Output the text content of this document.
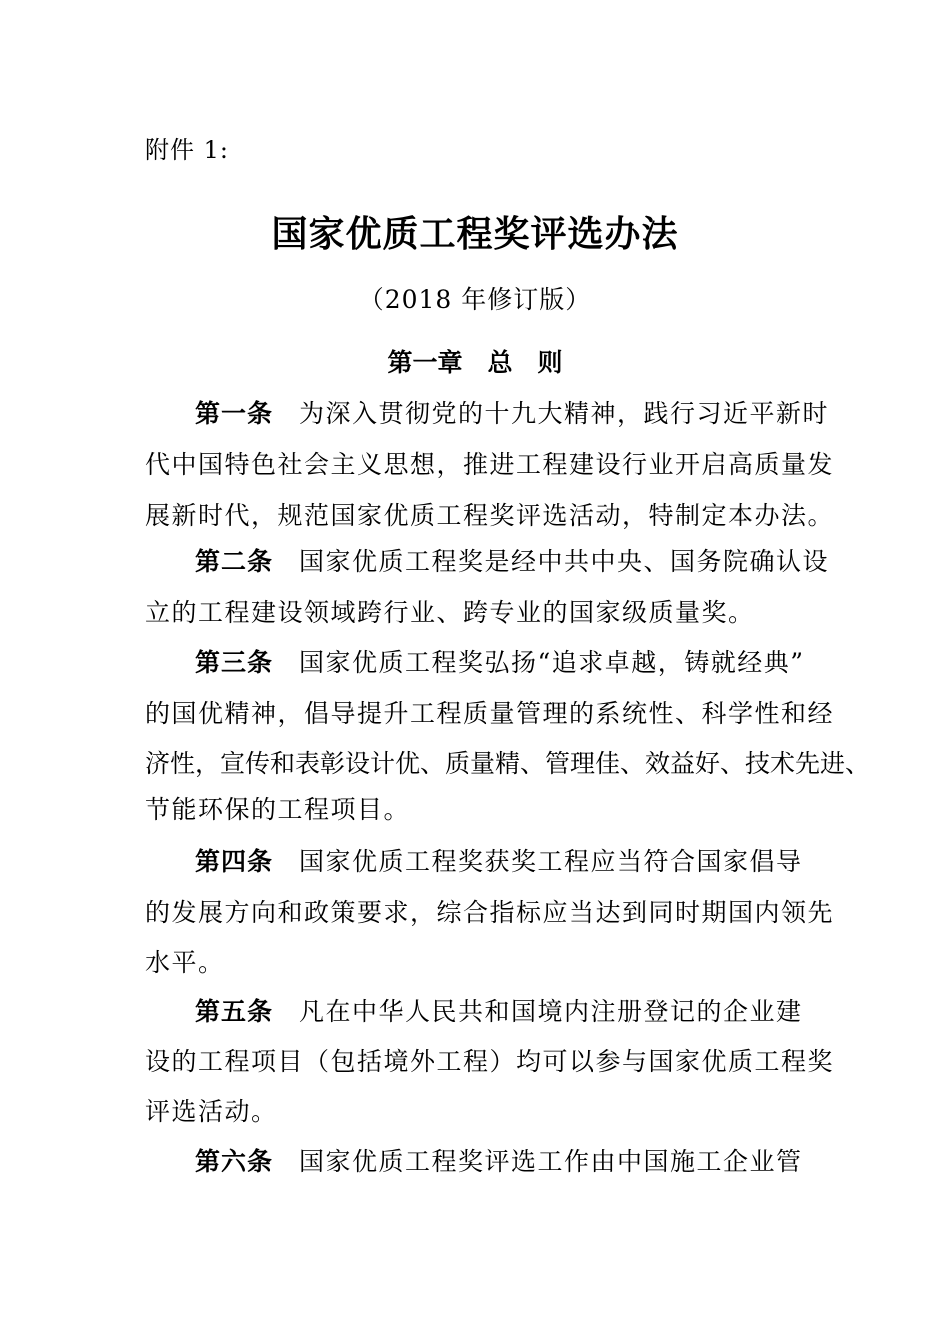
附件 1:
国家优质工程奖评选办法
（2018 年修订版）
第一章　总　则
第一条 为深入贯彻党的十九大精神，践行习近平新时
代中国特色社会主义思想，推进工程建设行业开启高质量发
展新时代，规范国家优质工程奖评选活动，特制定本办法。
第二条 国家优质工程奖是经中共中央、国务院确认设
立的工程建设领域跨行业、跨专业的国家级质量奖。
第三条 国家优质工程奖弘扬“追求卓越，铸就经典”
的国优精神，倡导提升工程质量管理的系统性、科学性和经
济性，宣传和表彰设计优、质量精、管理佳、效益好、技术先进、
节能环保的工程项目。
第四条 国家优质工程奖获奖工程应当符合国家倡导
的发展方向和政策要求，综合指标应当达到同时期国内领先
水平。
第五条 凡在中华人民共和国境内注册登记的企业建
设的工程项目（包括境外工程）均可以参与国家优质工程奖
评选活动。
第六条 国家优质工程奖评选工作由中国施工企业管
